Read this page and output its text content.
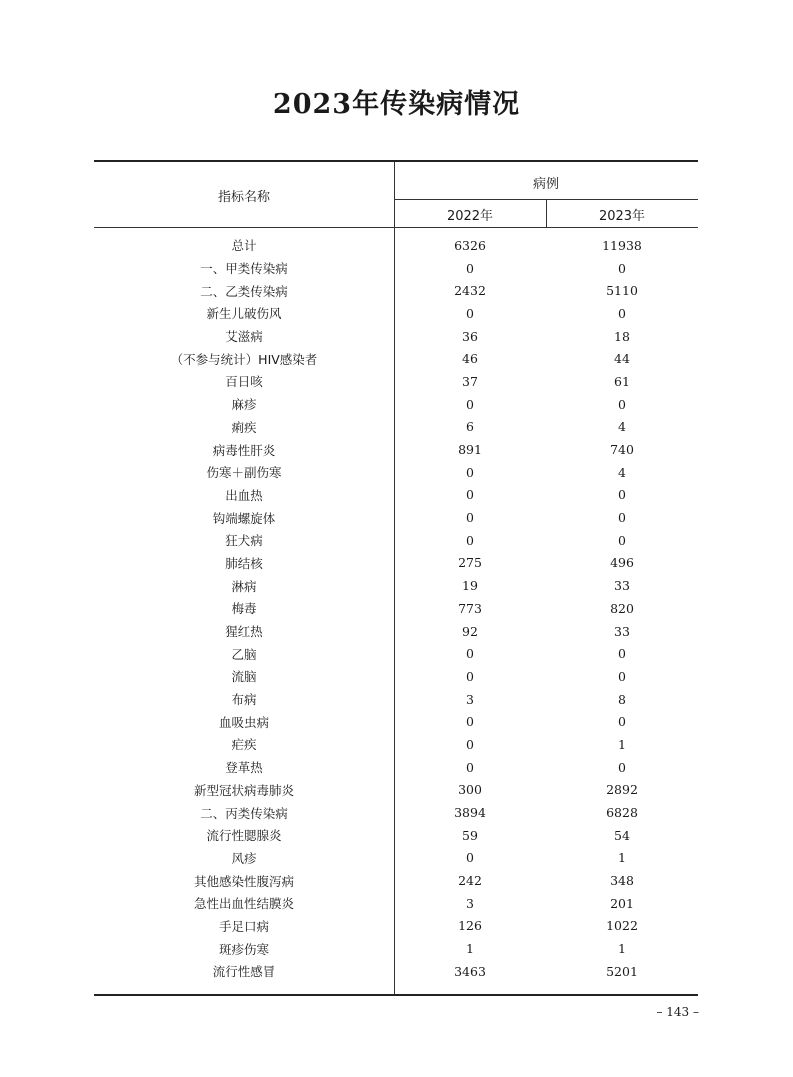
2023年传染病情况
指标名称
病例
2022年	2023年
总计	6326	11938
一、甲类传染病	0	0
二、乙类传染病	2432	5110
新生儿破伤风	0	0
艾滋病	36	18
（不参与统计）HIV感染者	46	44
百日咳	37	61
麻疹	0	0
痢疾	6	4
病毒性肝炎	891	740
伤寒＋副伤寒	0	4
出血热	0	0
钩端螺旋体	0	0
狂犬病	0	0
肺结核	275	496
淋病	19	33
梅毒	773	820
猩红热	92	33
乙脑	0	0
流脑	0	0
布病	3	8
血吸虫病	0	0
疟疾	0	1
登革热	0	0
新型冠状病毒肺炎	300	2892
二、丙类传染病	3894	6828
流行性腮腺炎	59	54
风疹	0	1
其他感染性腹泻病	242	348
急性出血性结膜炎	3	201
手足口病	126	1022
斑疹伤寒	1	1
流行性感冒	3463	5201
– 143 –
